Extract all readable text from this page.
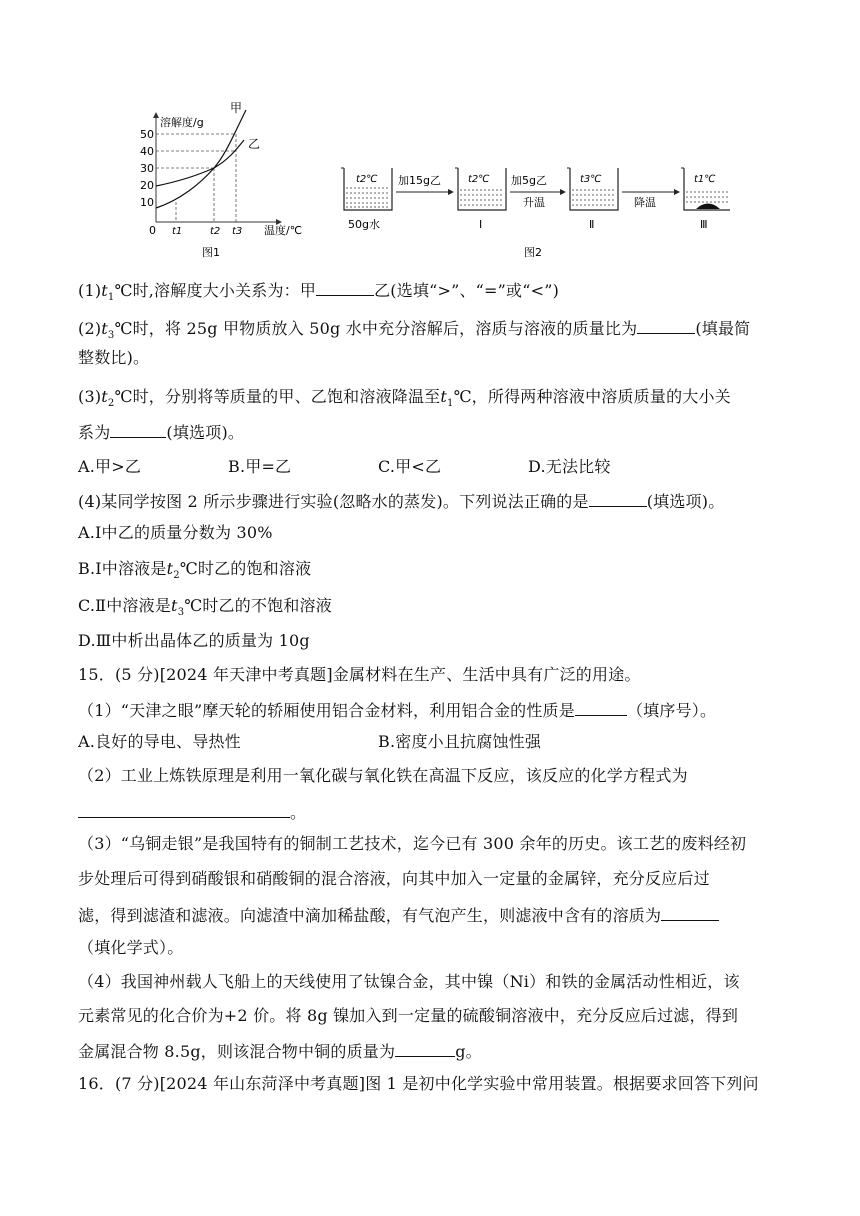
溶解度/g
温度/℃
50
40
30
20
10
0 t1	t2 t3
甲
乙
图1
t2℃
50g水
加15g乙	t2℃
Ⅰ
加5g乙
升温
t3℃
Ⅱ
降温
t1℃
Ⅲ
图2
$(1)t_1℃$时,溶解度大小关系为：甲	乙(选填“>”、“=”或“<”)
$(2)t_3℃$时，将 25g 甲物质放入 50g 水中充分溶解后，溶质与溶液的质量比为	(填最简
整数比)。
$(3)t_2℃$时，分别将等质量的甲、乙饱和溶液降温至$t_1℃$，所得两种溶液中溶质质量的大小关
系为	(填选项)。
A.甲>乙	B.甲=乙	C.甲<乙	D.无法比较
(4)某同学按图 2 所示步骤进行实验(忽略水的蒸发)。下列说法正确的是	(填选项)。
A.Ⅰ中乙的质量分数为 30%
B.Ⅰ中溶液是$t_2℃$时乙的饱和溶液
C.Ⅱ中溶液是$t_3℃$时乙的不饱和溶液
D.Ⅲ中析出晶体乙的质量为 10g
15．(5 分)[2024 年天津中考真题]金属材料在生产、生活中具有广泛的用途。
（1）“天津之眼”摩天轮的轿厢使用铝合金材料，利用铝合金的性质是	（填序号）。
A.良好的导电、导热性	B.密度小且抗腐蚀性强
（2）工业上炼铁原理是利用一氧化碳与氧化铁在高温下反应，该反应的化学方程式为
。
（3）“乌铜走银”是我国特有的铜制工艺技术，迄今已有 300 余年的历史。该工艺的废料经初
步处理后可得到硝酸银和硝酸铜的混合溶液，向其中加入一定量的金属锌，充分反应后过
滤，得到滤渣和滤液。向滤渣中滴加稀盐酸，有气泡产生，则滤液中含有的溶质为
（填化学式）。
（4）我国神州载人飞船上的天线使用了钛镍合金，其中镍（Ni）和铁的金属活动性相近，该
元素常见的化合价为+2 价。将 8g 镍加入到一定量的硫酸铜溶液中，充分反应后过滤，得到
金属混合物 8.5g，则该混合物中铜的质量为	g。
16．(7 分)[2024 年山东菏泽中考真题]图 1 是初中化学实验中常用装置。根据要求回答下列问
